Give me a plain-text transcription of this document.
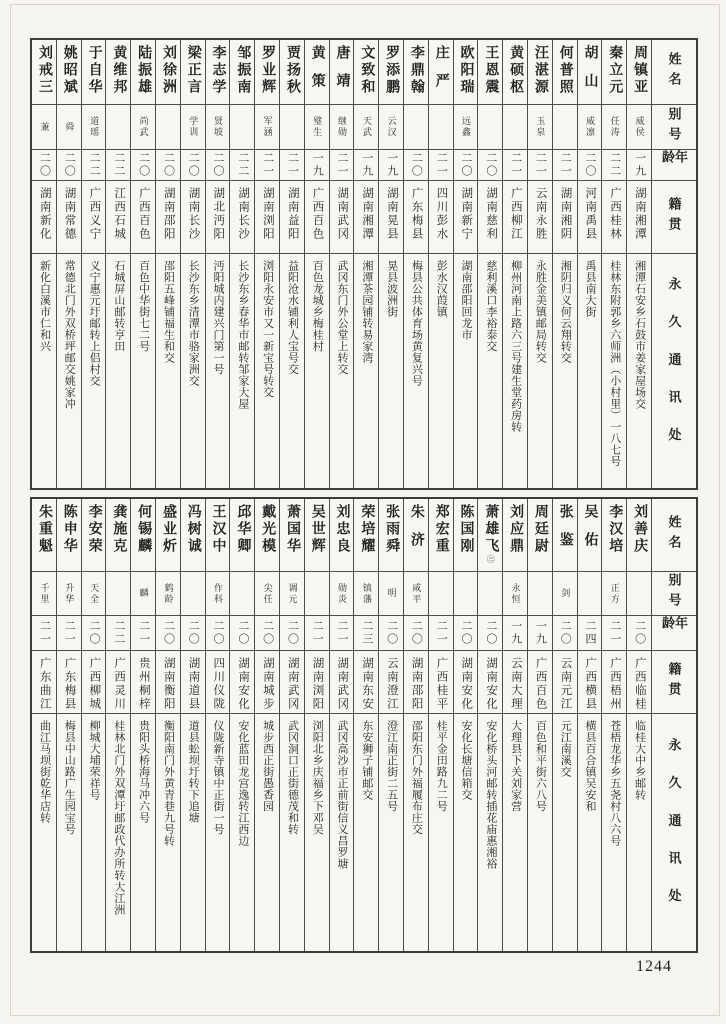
姓名
别号
年龄
籍贯
永久通讯处
周镇亚
威侯
一九
湖南湘潭
湘潭石安乡石鼓市姜家屋场交
秦立元
任涛
二二
广西桂林
桂林东附郭乡六师洲（小村里）一八七号
胡山
威凛
二〇
河南禹县
禹县南大街
何普照
二一
湖南湘阴
湘阴归义何云翔转交
汪湛源
玉泉
二一
云南永胜
永胜金美镇邮局转交
黄硕枢
二一
广西柳江
柳州河南上路六三号建生堂药房转
王恩震
二〇
湖南慈利
慈利溪口李裕泰交
欧阳瑞
远鑫
二〇
湖南新宁
湖南邵阳回龙市
庄严
二一
四川彭水
彭水汉葭镇
李鼎翰
二〇
广东梅县
梅县公共体育场黄复兴号
罗添鹏
云汉
一九
湖南晃县
晃县波洲街
文致和
天武
一九
湖南湘潭
湘潭茶园铺转易家湾
唐靖
继勋
二一
湖南武冈
武冈东门外公堂上转交
黄策
璧生
一九
广西百色
百色龙城乡梅桂村
贾扬秋
二一
湖南益阳
益阳沧水铺利人宝号交
罗业辉
军涵
二一
湖南浏阳
浏阳永安市又一新宝号转交
邹振南
二二
湖南长沙
长沙东乡春华市邮转邹家大屋
李志学
贤坡
二〇
湖北沔阳
沔阳城内建兴门第一号
梁正言
学训
二〇
湖南长沙
长沙东乡清潭市骆家洲交
刘徐洲
二〇
湖南邵阳
邵阳五峰铺福生和交
陆振雄
尚武
二〇
广西百色
百色中华街七二号
黄维邦
二二
江西石城
石城屏山邮转亨田
于自华
道瑶
二二
广西义宁
义宁惠元圩邮转上侣村交
姚昭斌
舜
二〇
湖南常德
常德北门外双桥坪邮交姚家冲
刘戒三
兼
二〇
湖南新化
新化白溪市仁和兴
姓名
别号
年龄
籍贯
永久通讯处
刘善庆
二〇
广西临桂
临桂大中乡邮转
李汉培
正方
二一
广西梧州
苍梧龙华乡五尧村八六号
吴佑
二四
广西横县
横县百合镇吴安和
张鉴
剑
二〇
云南元江
元江南溪交
周廷尉
一九
广西百色
百色和平街六八号
刘应鼎
永恒
一九
云南大理
大理县下关刘家营
萧雄飞㊂
二〇
湖南安化
安化桥头河邮转插花庙惠湘裕
陈国刚
二〇
湖南安化
安化长塘信箱交
郑宏重
二一
广西桂平
桂平金田路九二号
朱济
咸平
二〇
湖南邵阳
邵阳东门外福履布庄交
张雨舜
明
二〇
云南澄江
澄江南正街二五号
荣培耀
镇藩
二三
湖南东安
东安狮子铺邮交
刘忠良
勋炎
二一
湖南武冈
武冈高沙市正前街信义昌罗塘
吴世辉
二一
湖南浏阳
浏阳北乡庆福乡下邓吴
萧国华
调元
二〇
湖南武冈
武冈洞口正街德茂和转
戴光模
尖任
二〇
湖南城步
城步西正街愚香园
邱华卿
二〇
湖南安化
安化蓝田龙宫逸转江西边
王汉中
作科
二〇
四川仪陇
仪陇新寺镇中正街一号
冯树诚
二〇
湖南道县
道县蚣坝圩转下追塘
盛业炘
鹤龄
二〇
湖南衡阳
衡阳南门外黄青巷九号转
何锡麟
麟
二一
贵州桐梓
贵阳头桥海马冲六号
龚施克
二二
广西灵川
桂林北门外双潭圩邮政代办所转大江洲
李安荣
天全
二〇
广西柳城
柳城大埔荣祥号
陈申华
升华
二一
广东梅县
梅县中山路广生园宝号
朱重魁
千里
二一
广东曲江
曲江马坝街乾华店转
1244
